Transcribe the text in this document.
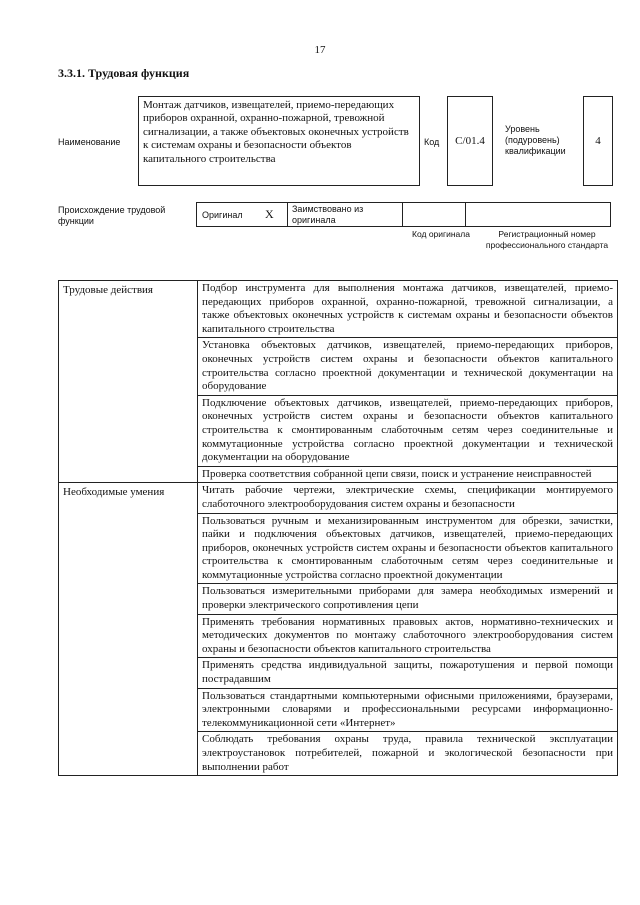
17
3.3.1. Трудовая функция
Наименование
Монтаж датчиков, извещателей, приемо-передающих приборов охранной, охранно-пожарной, тревожной сигнализации, а также объектовых оконечных устройств к системам охраны и безопасности объектов капитального строительства
Код C/01.4
Уровень (подуровень) квалификации
4
Происхождение трудовой функции
Оригинал X Заимствовано из оригинала
Код оригинала	Регистрационный номер профессионального стандарта
Трудовые действия	Подбор инструмента для выполнения монтажа датчиков, извещателей, приемо-передающих приборов охранной, охранно-пожарной, тревожной сигнализации, а также объектовых оконечных устройств к системам охраны и безопасности объектов капитального строительства
	Установка объектовых датчиков, извещателей, приемо-передающих приборов, оконечных устройств систем охраны и безопасности объектов капитального строительства согласно проектной документации и технической документации на оборудование
	Подключение объектовых датчиков, извещателей, приемо-передающих приборов, оконечных устройств систем охраны и безопасности объектов капитального строительства к смонтированным слаботочным сетям через соединительные и коммутационные устройства согласно проектной документации и технической документации на оборудование
	Проверка соответствия собранной цепи связи, поиск и устранение неисправностей
Необходимые умения	Читать рабочие чертежи, электрические схемы, спецификации монтируемого слаботочного электрооборудования систем охраны и безопасности
	Пользоваться ручным и механизированным инструментом для обрезки, зачистки, пайки и подключения объектовых датчиков, извещателей, приемо-передающих приборов, оконечных устройств систем охраны и безопасности объектов капитального строительства к смонтированным слаботочным сетям через соединительные и коммутационные устройства согласно проектной документации
	Пользоваться измерительными приборами для замера необходимых измерений и проверки электрического сопротивления цепи
	Применять требования нормативных правовых актов, нормативно-технических и методических документов по монтажу слаботочного электрооборудования систем охраны и безопасности объектов капитального строительства
	Применять средства индивидуальной защиты, пожаротушения и первой помощи пострадавшим
	Пользоваться стандартными компьютерными офисными приложениями, браузерами, электронными словарями и профессиональными ресурсами информационно-телекоммуникационной сети «Интернет»
	Соблюдать требования охраны труда, правила технической эксплуатации электроустановок потребителей, пожарной и экологической безопасности при выполнении работ
